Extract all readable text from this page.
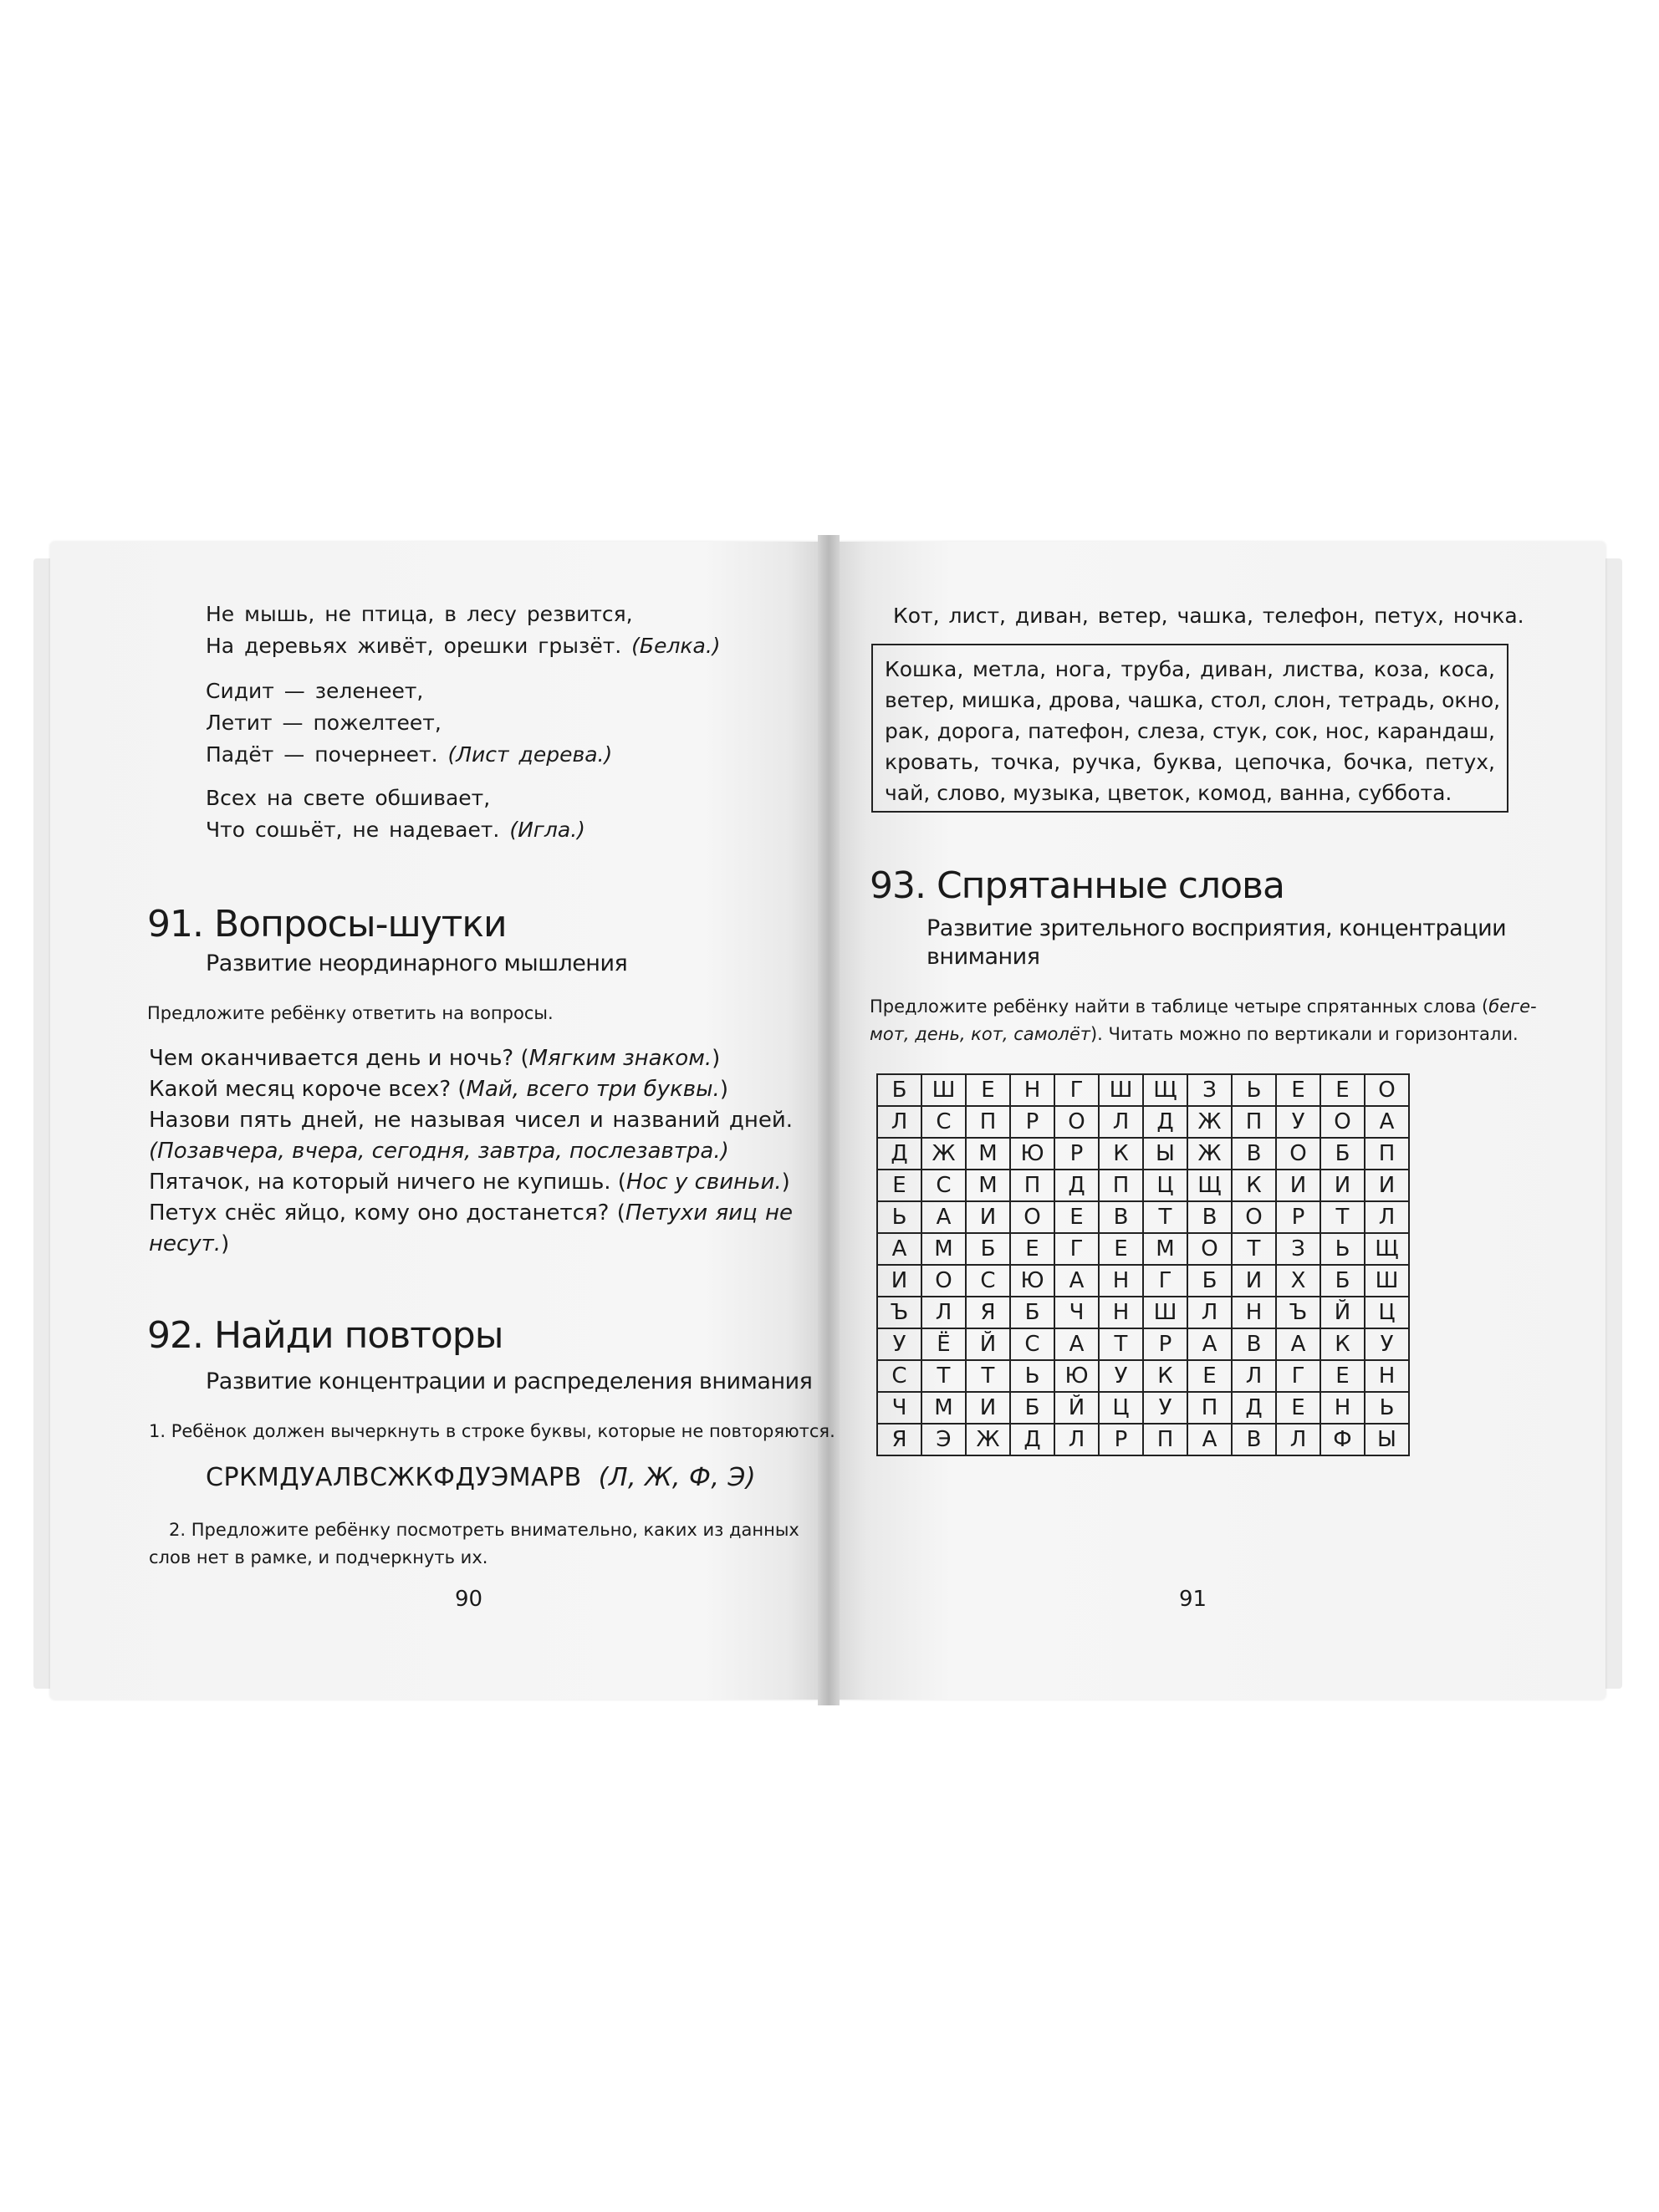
Не мышь, не птица, в лесу резвится,
На деревьях живёт, орешки грызёт. (Белка.)
Сидит — зеленеет,
Летит — пожелтеет,
Падёт — почернеет. (Лист дерева.)
Всех на свете обшивает,
Что сошьёт, не надевает. (Игла.)
91. Вопросы-шутки
Развитие неординарного мышления
Предложите ребёнку ответить на вопросы.
Чем оканчивается день и ночь? (Мягким знаком.)
Какой месяц короче всех? (Май, всего три буквы.)
Назови пять дней, не называя чисел и названий дней.
(Позавчера, вчера, сегодня, завтра, послезавтра.)
Пятачок, на который ничего не купишь. (Нос у свиньи.)
Петух снёс яйцо, кому оно достанется? (Петухи яиц не
несут.)
92. Найди повторы
Развитие концентрации и распределения внимания
1. Ребёнок должен вычеркнуть в строке буквы, которые не повторяются.
СРКМДУАЛВСЖКФДУЭМАРВ (Л, Ж, Ф, Э)
2. Предложите ребёнку посмотреть внимательно, каких из данных
слов нет в рамке, и подчеркнуть их.
90
Кот, лист, диван, ветер, чашка, телефон, петух, ночка.
Кошка, метла, нога, труба, диван, листва, коза, коса,
ветер, мишка, дрова, чашка, стол, слон, тетрадь, окно,
рак, дорога, патефон, слеза, стук, сок, нос, карандаш,
кровать, точка, ручка, буква, цепочка, бочка, петух,
чай, слово, музыка, цветок, комод, ванна, суббота.
93. Спрятанные слова
Развитие зрительного восприятия, концентрации
внимания
Предложите ребёнку найти в таблице четыре спрятанных слова (бегe-
мот, день, кот, самолёт). Читать можно по вертикали и горизонтали.
Б	Ш	Е	Н	Г	Ш	Щ	З	Ь	Е	Е	О
Л	С	П	Р	О	Л	Д	Ж	П	У	О	А
Д	Ж	М	Ю	Р	К	Ы	Ж	В	О	Б	П
Е	С	М	П	Д	П	Ц	Щ	К	И	И	И
Ь	А	И	О	Е	В	Т	В	О	Р	Т	Л
А	М	Б	Е	Г	Е	М	О	Т	З	Ь	Щ
И	О	С	Ю	А	Н	Г	Б	И	Х	Б	Ш
Ъ	Л	Я	Б	Ч	Н	Ш	Л	Н	Ъ	Й	Ц
У	Ё	Й	С	А	Т	Р	А	В	А	К	У
С	Т	Т	Ь	Ю	У	К	Е	Л	Г	Е	Н
Ч	М	И	Б	Й	Ц	У	П	Д	Е	Н	Ь
Я	Э	Ж	Д	Л	Р	П	А	В	Л	Ф	Ы
91
